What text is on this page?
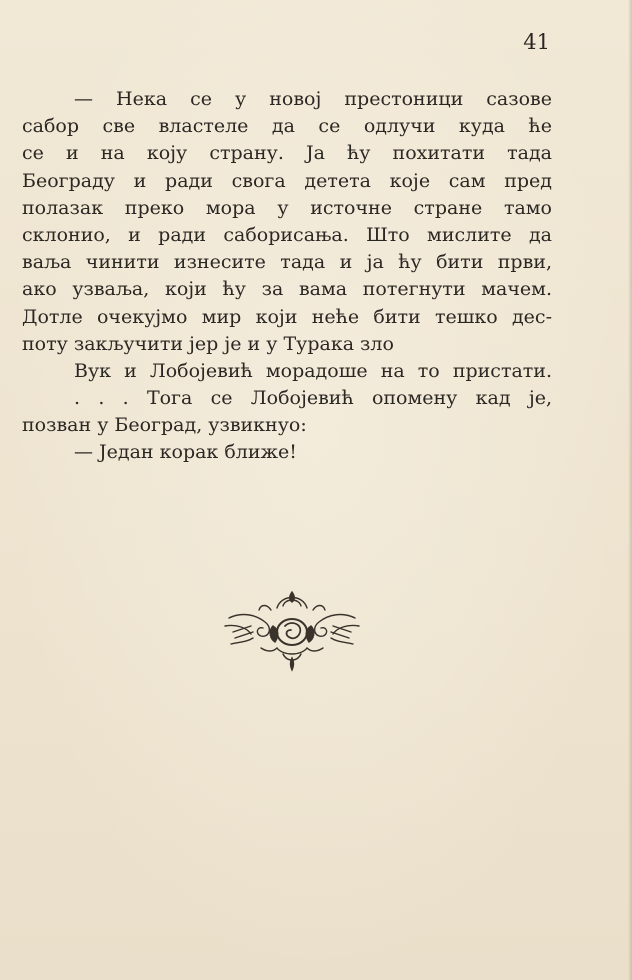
41
— Нека се у новој престоници сазове
сабор све властеле да се одлучи куда ће
се и на коју страну. Ја ћу похитати тада
Београду и ради свога детета које сам пред
полазак преко мора у источне стране тамо
склонио, и ради саборисања. Што мислите да
ваља чинити изнесите тада и ја ћу бити први,
ако узваља, који ћу за вама потегнути мачем.
Дотле очекујмо мир који неће бити тешко дес-
поту закључити јер је и у Турака зло
Вук и Лобојевић морадоше на то пристати.
. . . Тога се Лобојевић опомену кад је,
позван у Београд, узвикнуо:
— Један корак ближе!
